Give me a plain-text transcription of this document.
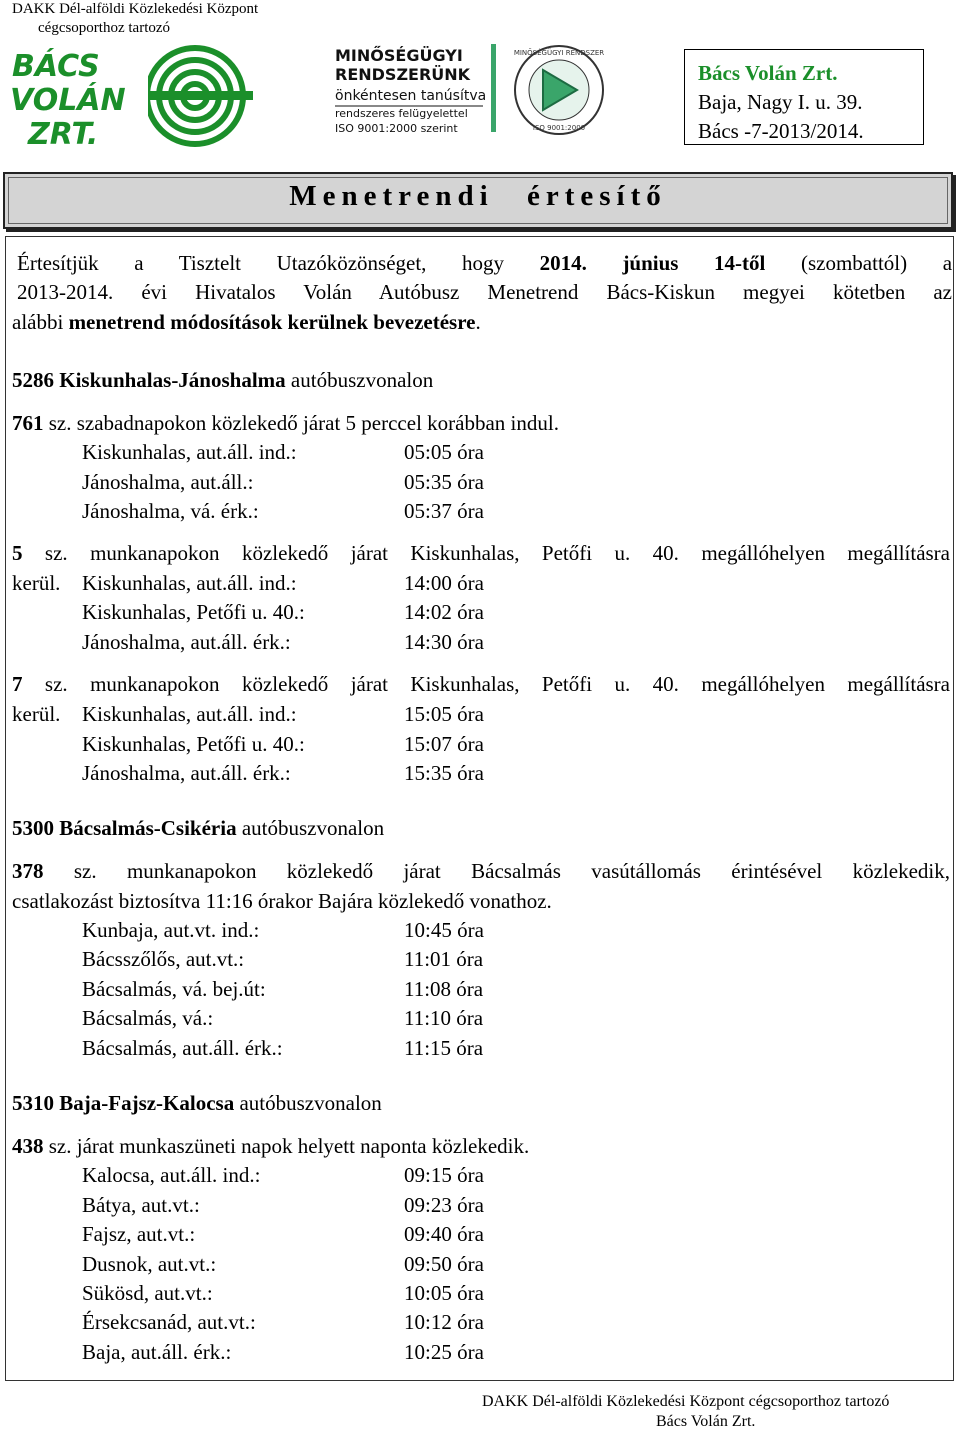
DAKK Dél-alföldi Közlekedési Központ
cégcsoporthoz tartozó
BÁCS
VOLÁN
ZRT.
MINŐSÉGÜGYI
RENDSZERÜNK
önkéntesen tanúsítva
rendszeres felügyelettel
ISO 9001:2000 szerint
MINŐSÉGÜGYI RENDSZER
ISO 9001:2000
Bács Volán Zrt.
Baja, Nagy I. u. 39.
Bács -7-2013/2014.
Menetrendi értesítő
Értesítjük a Tisztelt Utazóközönséget, hogy 2014. június 14-től (szombattól) a
2013-2014. évi Hivatalos Volán Autóbusz Menetrend Bács-Kiskun megyei kötetben az
alábbi menetrend módosítások kerülnek bevezetésre.
5286 Kiskunhalas-Jánoshalma autóbuszvonalon
761 sz. szabadnapokon közlekedő járat 5 perccel korábban indul.
Kiskunhalas, aut.áll. ind.:	05:05 óra
Jánoshalma, aut.áll.:	05:35 óra
Jánoshalma, vá. érk.:	05:37 óra
5 sz. munkanapokon közlekedő járat Kiskunhalas, Petőfi u. 40. megállóhelyen megállításra
kerül. Kiskunhalas, aut.áll. ind.:	14:00 óra
Kiskunhalas, Petőfi u. 40.:	14:02 óra
Jánoshalma, aut.áll. érk.:	14:30 óra
7 sz. munkanapokon közlekedő járat Kiskunhalas, Petőfi u. 40. megállóhelyen megállításra
kerül. Kiskunhalas, aut.áll. ind.:	15:05 óra
Kiskunhalas, Petőfi u. 40.:	15:07 óra
Jánoshalma, aut.áll. érk.:	15:35 óra
5300 Bácsalmás-Csikéria autóbuszvonalon
378 sz. munkanapokon közlekedő járat Bácsalmás vasútállomás érintésével közlekedik,
csatlakozást biztosítva 11:16 órakor Bajára közlekedő vonathoz.
Kunbaja, aut.vt. ind.:	10:45 óra
Bácsszőlős, aut.vt.:	11:01 óra
Bácsalmás, vá. bej.út:	11:08 óra
Bácsalmás, vá.:	11:10 óra
Bácsalmás, aut.áll. érk.:	11:15 óra
5310 Baja-Fajsz-Kalocsa autóbuszvonalon
438 sz. járat munkaszüneti napok helyett naponta közlekedik.
Kalocsa, aut.áll. ind.:	09:15 óra
Bátya, aut.vt.:	09:23 óra
Fajsz, aut.vt.:	09:40 óra
Dusnok, aut.vt.:	09:50 óra
Sükösd, aut.vt.:	10:05 óra
Érsekcsanád, aut.vt.:	10:12 óra
Baja, aut.áll. érk.:	10:25 óra
DAKK Dél-alföldi Közlekedési Központ cégcsoporthoz tartozó
Bács Volán Zrt.
